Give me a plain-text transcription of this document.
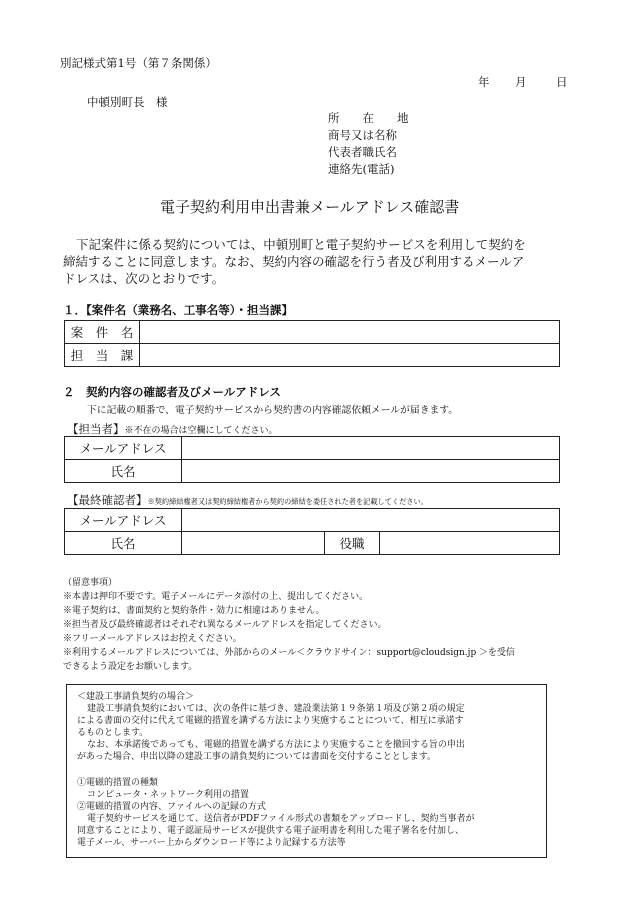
別記様式第1号（第７条関係）
年 月	日
中頓別町長　様
所　　在　　地
商号又は名称
代表者職氏名
連絡先(電話)
電子契約利用申出書兼メールアドレス確認書
下記案件に係る契約については、中頓別町と電子契約サービスを利用して契約を
締結することに同意します。なお、契約内容の確認を行う者及び利用するメールア
ドレスは、次のとおりです。
１．【案件名（業務名、工事名等）・担当課】
案　件　名	
担　当　課	
２　契約内容の確認者及びメールアドレス
下に記載の順番で、電子契約サービスから契約書の内容確認依頼メールが届きます。
【担当者】※不在の場合は空欄にしてください。
メールアドレス	
氏名	
【最終確認者】※契約締結権者又は契約締結権者から契約の締結を委任された者を記載してください。
メールアドレス			
氏名		役職	
（留意事項）
※本書は押印不要です。電子メールにデータ添付の上、提出してください。
※電子契約は、書面契約と契約条件・効力に相違はありません。
※担当者及び最終確認者はそれぞれ異なるメールアドレスを指定してください。
※フリーメールアドレスはお控えください。
※利用するメールアドレスについては、外部からのメール＜クラウドサイン：support@cloudsign.jp ＞を受信
できるよう設定をお願いします。
＜建設工事請負契約の場合＞
建設工事請負契約においては、次の条件に基づき、建設業法第１９条第１項及び第２項の規定
による書面の交付に代えて電磁的措置を講ずる方法により実施することについて、相互に承諾す
るものとします。
なお、本承諾後であっても、電磁的措置を講ずる方法により実施することを撤回する旨の申出
があった場合、申出以降の建設工事の請負契約については書面を交付することとします。
①電磁的措置の種類
コンピュータ・ネットワーク利用の措置
②電磁的措置の内容、ファイルへの記録の方式
電子契約サービスを通じて、送信者がPDFファイル形式の書類をアップロードし、契約当事者が
同意することにより、電子認証局サービスが提供する電子証明書を利用した電子署名を付加し、
電子メール、サーバー上からダウンロード等により記録する方法等
